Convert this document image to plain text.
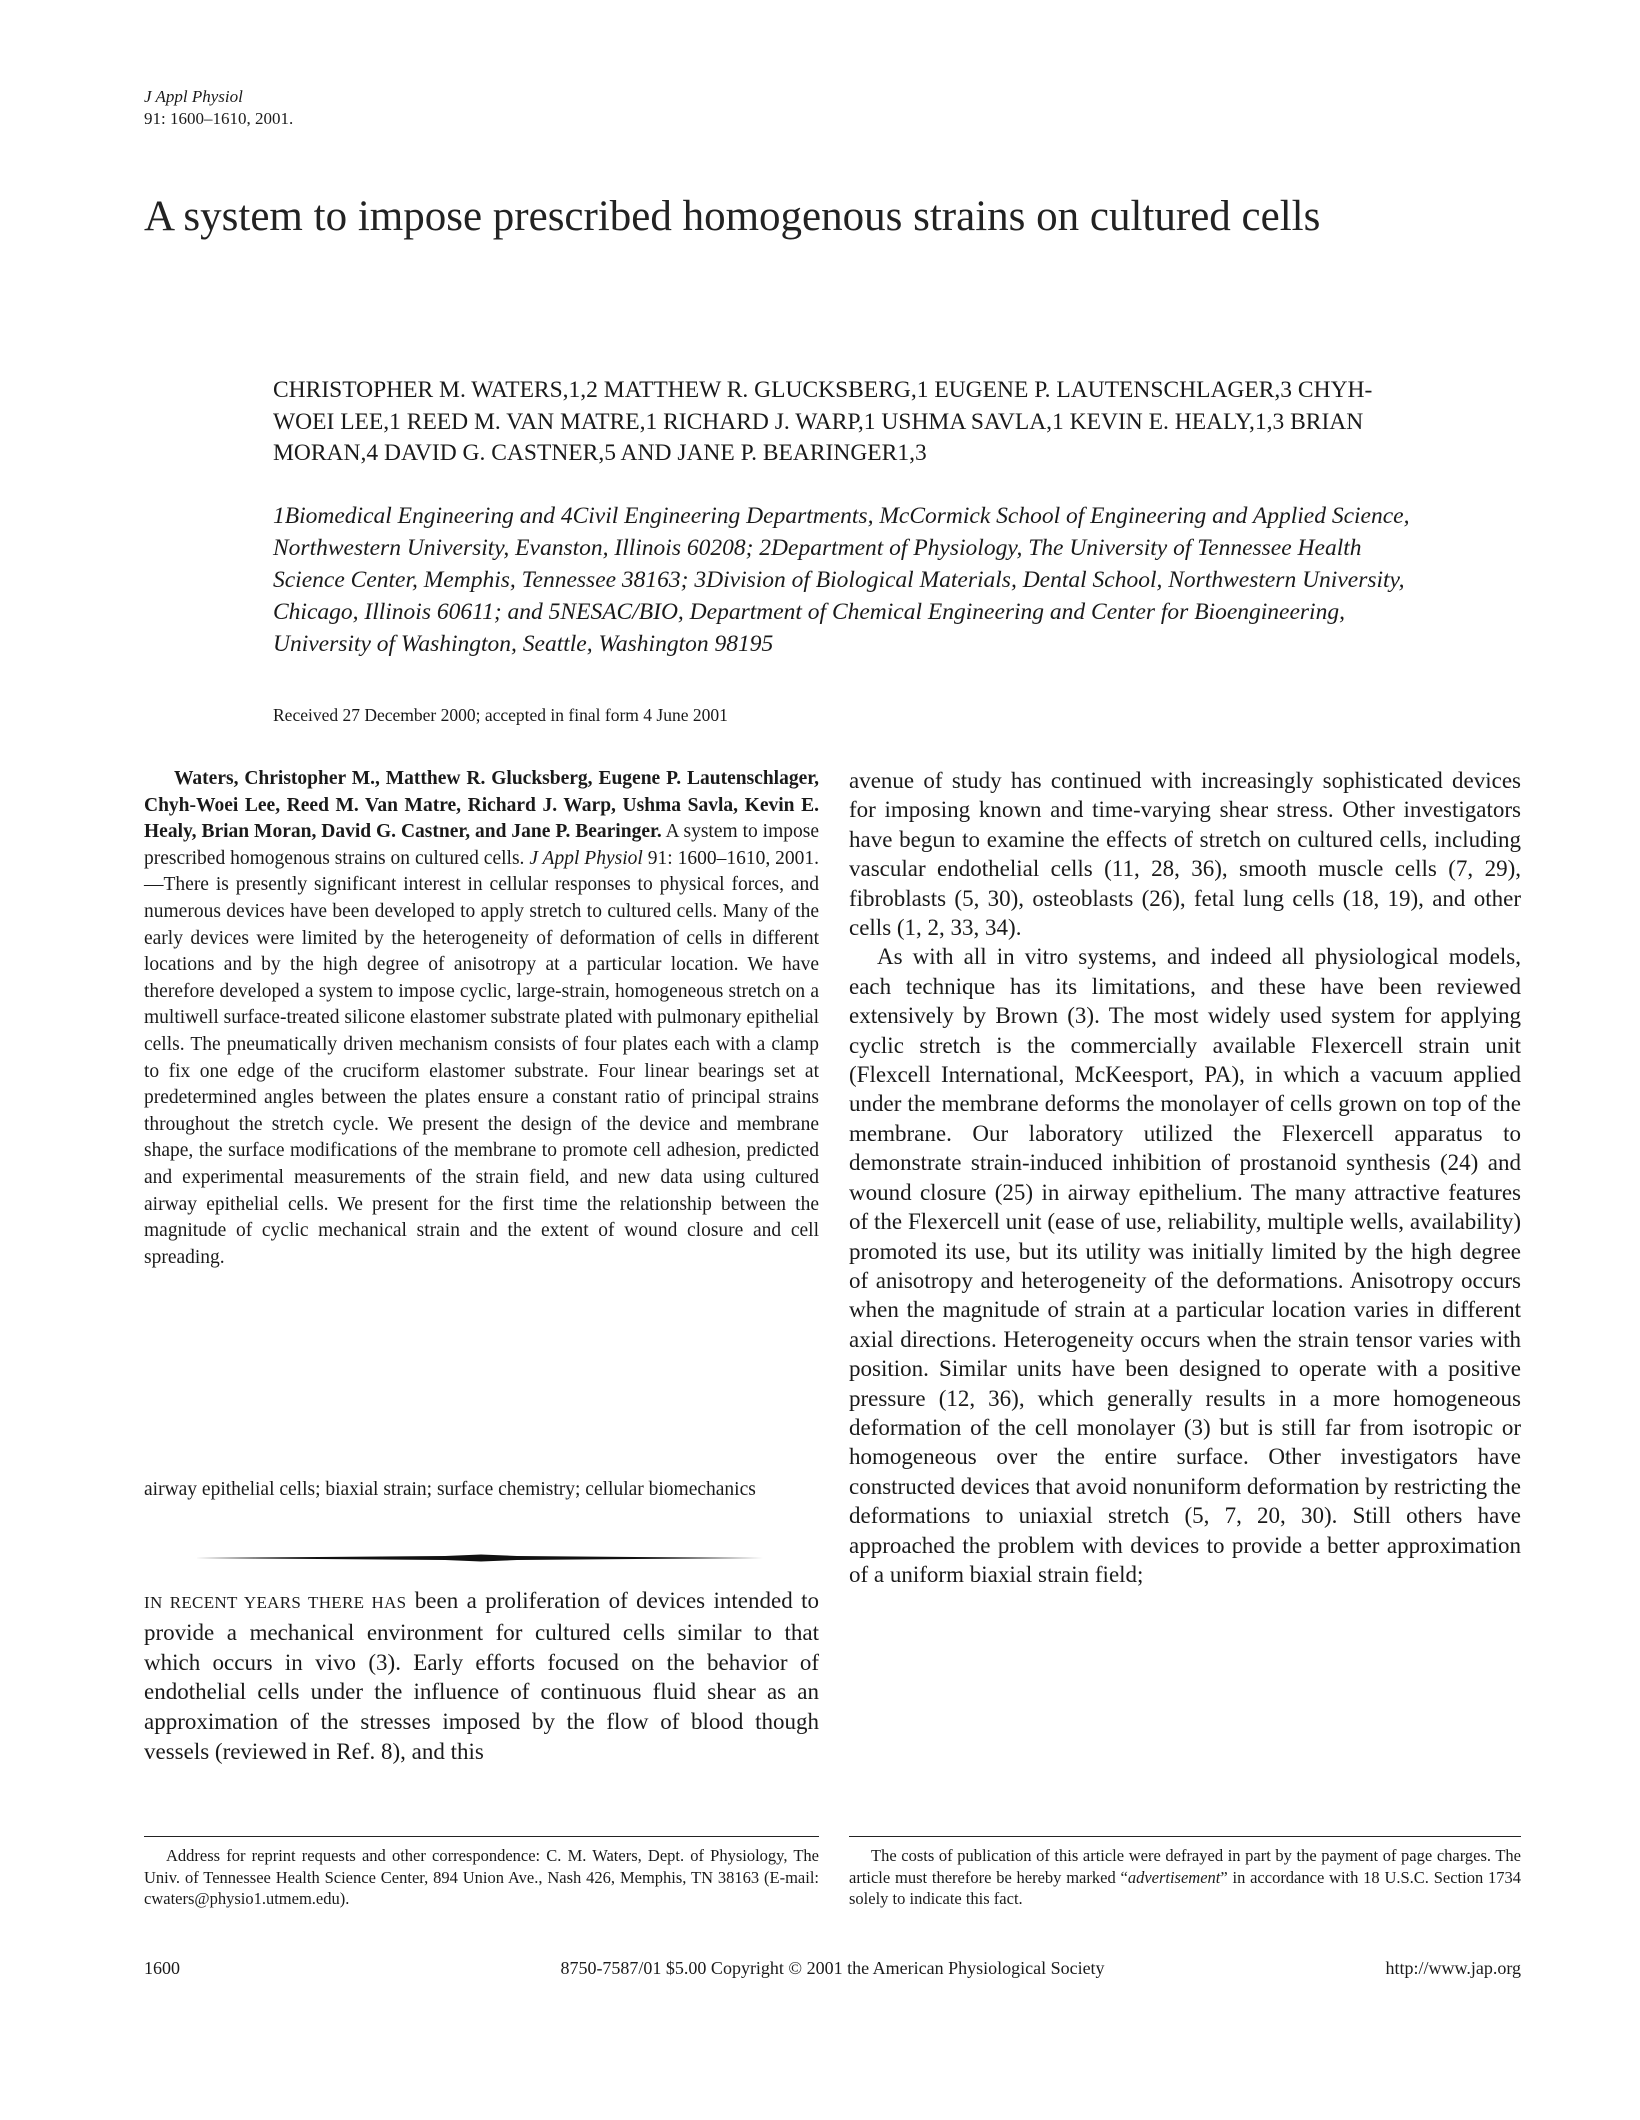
J Appl Physiol
91: 1600–1610, 2001.
A system to impose prescribed homogenous strains on cultured cells
CHRISTOPHER M. WATERS,1,2 MATTHEW R. GLUCKSBERG,1 EUGENE P. LAUTENSCHLAGER,3 CHYH-WOEI LEE,1 REED M. VAN MATRE,1 RICHARD J. WARP,1 USHMA SAVLA,1 KEVIN E. HEALY,1,3 BRIAN MORAN,4 DAVID G. CASTNER,5 AND JANE P. BEARINGER1,3
1Biomedical Engineering and 4Civil Engineering Departments, McCormick School of Engineering and Applied Science, Northwestern University, Evanston, Illinois 60208; 2Department of Physiology, The University of Tennessee Health Science Center, Memphis, Tennessee 38163; 3Division of Biological Materials, Dental School, Northwestern University, Chicago, Illinois 60611; and 5NESAC/BIO, Department of Chemical Engineering and Center for Bioengineering, University of Washington, Seattle, Washington 98195
Received 27 December 2000; accepted in final form 4 June 2001
Waters, Christopher M., Matthew R. Glucksberg, Eugene P. Lautenschlager, Chyh-Woei Lee, Reed M. Van Matre, Richard J. Warp, Ushma Savla, Kevin E. Healy, Brian Moran, David G. Castner, and Jane P. Bearinger. A system to impose prescribed homogenous strains on cultured cells. J Appl Physiol 91: 1600–1610, 2001.—There is presently significant interest in cellular responses to physical forces, and numerous devices have been developed to apply stretch to cultured cells. Many of the early devices were limited by the heterogeneity of deformation of cells in different locations and by the high degree of anisotropy at a particular location. We have therefore developed a system to impose cyclic, large-strain, homogeneous stretch on a multiwell surface-treated silicone elastomer substrate plated with pulmonary epithelial cells. The pneumatically driven mechanism consists of four plates each with a clamp to fix one edge of the cruciform elastomer substrate. Four linear bearings set at predetermined angles between the plates ensure a constant ratio of principal strains throughout the stretch cycle. We present the design of the device and membrane shape, the surface modifications of the membrane to promote cell adhesion, predicted and experimental measurements of the strain field, and new data using cultured airway epithelial cells. We present for the first time the relationship between the magnitude of cyclic mechanical strain and the extent of wound closure and cell spreading.
airway epithelial cells; biaxial strain; surface chemistry; cellular biomechanics
IN RECENT YEARS THERE HAS been a proliferation of devices intended to provide a mechanical environment for cultured cells similar to that which occurs in vivo (3). Early efforts focused on the behavior of endothelial cells under the influence of continuous fluid shear as an approximation of the stresses imposed by the flow of blood though vessels (reviewed in Ref. 8), and this

avenue of study has continued with increasingly sophisticated devices for imposing known and time-varying shear stress. Other investigators have begun to examine the effects of stretch on cultured cells, including vascular endothelial cells (11, 28, 36), smooth muscle cells (7, 29), fibroblasts (5, 30), osteoblasts (26), fetal lung cells (18, 19), and other cells (1, 2, 33, 34).

As with all in vitro systems, and indeed all physiological models, each technique has its limitations, and these have been reviewed extensively by Brown (3). The most widely used system for applying cyclic stretch is the commercially available Flexercell strain unit (Flexcell International, McKeesport, PA), in which a vacuum applied under the membrane deforms the monolayer of cells grown on top of the membrane. Our laboratory utilized the Flexercell apparatus to demonstrate strain-induced inhibition of prostanoid synthesis (24) and wound closure (25) in airway epithelium. The many attractive features of the Flexercell unit (ease of use, reliability, multiple wells, availability) promoted its use, but its utility was initially limited by the high degree of anisotropy and heterogeneity of the deformations. Anisotropy occurs when the magnitude of strain at a particular location varies in different axial directions. Heterogeneity occurs when the strain tensor varies with position. Similar units have been designed to operate with a positive pressure (12, 36), which generally results in a more homogeneous deformation of the cell monolayer (3) but is still far from isotropic or homogeneous over the entire surface. Other investigators have constructed devices that avoid nonuniform deformation by restricting the deformations to uniaxial stretch (5, 7, 20, 30). Still others have approached the problem with devices to provide a better approximation of a uniform biaxial strain field;

Address for reprint requests and other correspondence: C. M. Waters, Dept. of Physiology, The Univ. of Tennessee Health Science Center, 894 Union Ave., Nash 426, Memphis, TN 38163 (E-mail: cwaters@physio1.utmem.edu).
The costs of publication of this article were defrayed in part by the payment of page charges. The article must therefore be hereby marked “advertisement” in accordance with 18 U.S.C. Section 1734 solely to indicate this fact.
1600	8750-7587/01 $5.00 Copyright © 2001 the American Physiological Society	http://www.jap.org
